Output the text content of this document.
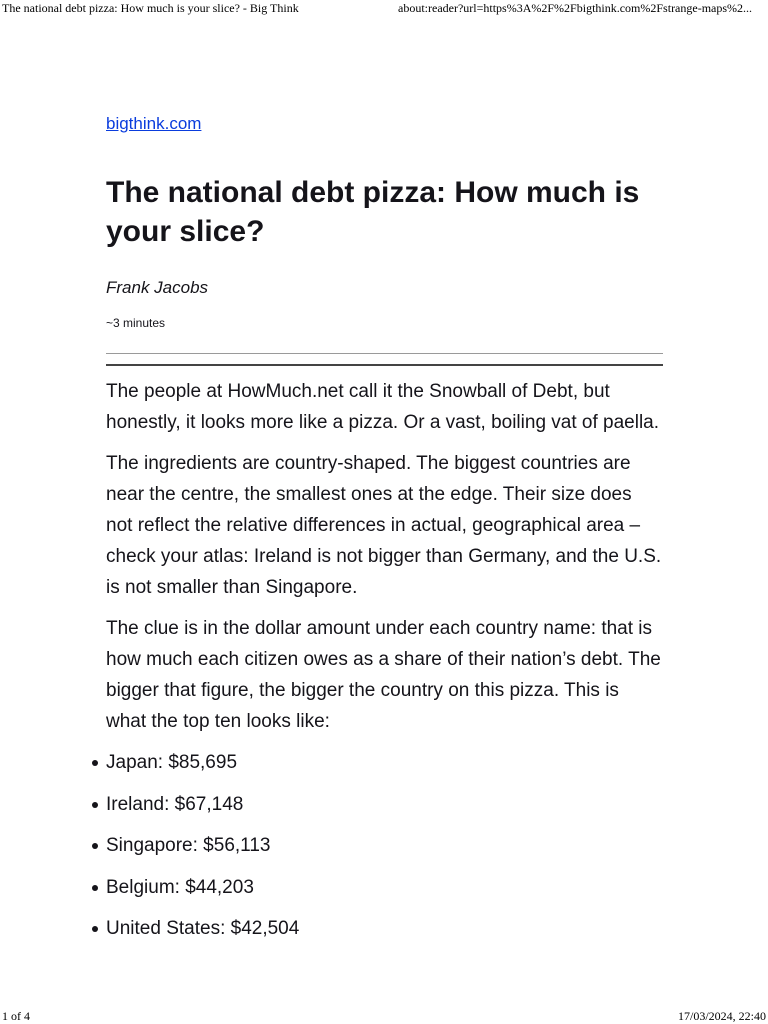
The national debt pizza: How much is your slice? - Big Think	about:reader?url=https%3A%2F%2Fbigthink.com%2Fstrange-maps%2...
bigthink.com
The national debt pizza: How much is your slice?
Frank Jacobs
~3 minutes

The people at HowMuch.net call it the Snowball of Debt, but honestly, it looks more like a pizza. Or a vast, boiling vat of paella.

The ingredients are country-shaped. The biggest countries are near the centre, the smallest ones at the edge. Their size does not reflect the relative differences in actual, geographical area – check your atlas: Ireland is not bigger than Germany, and the U.S. is not smaller than Singapore.

The clue is in the dollar amount under each country name: that is how much each citizen owes as a share of their nation’s debt. The bigger that figure, the bigger the country on this pizza. This is what the top ten looks like:

Japan: $85,695
Ireland: $67,148
Singapore: $56,113
Belgium: $44,203
United States: $42,504
1 of 4	17/03/2024, 22:40
